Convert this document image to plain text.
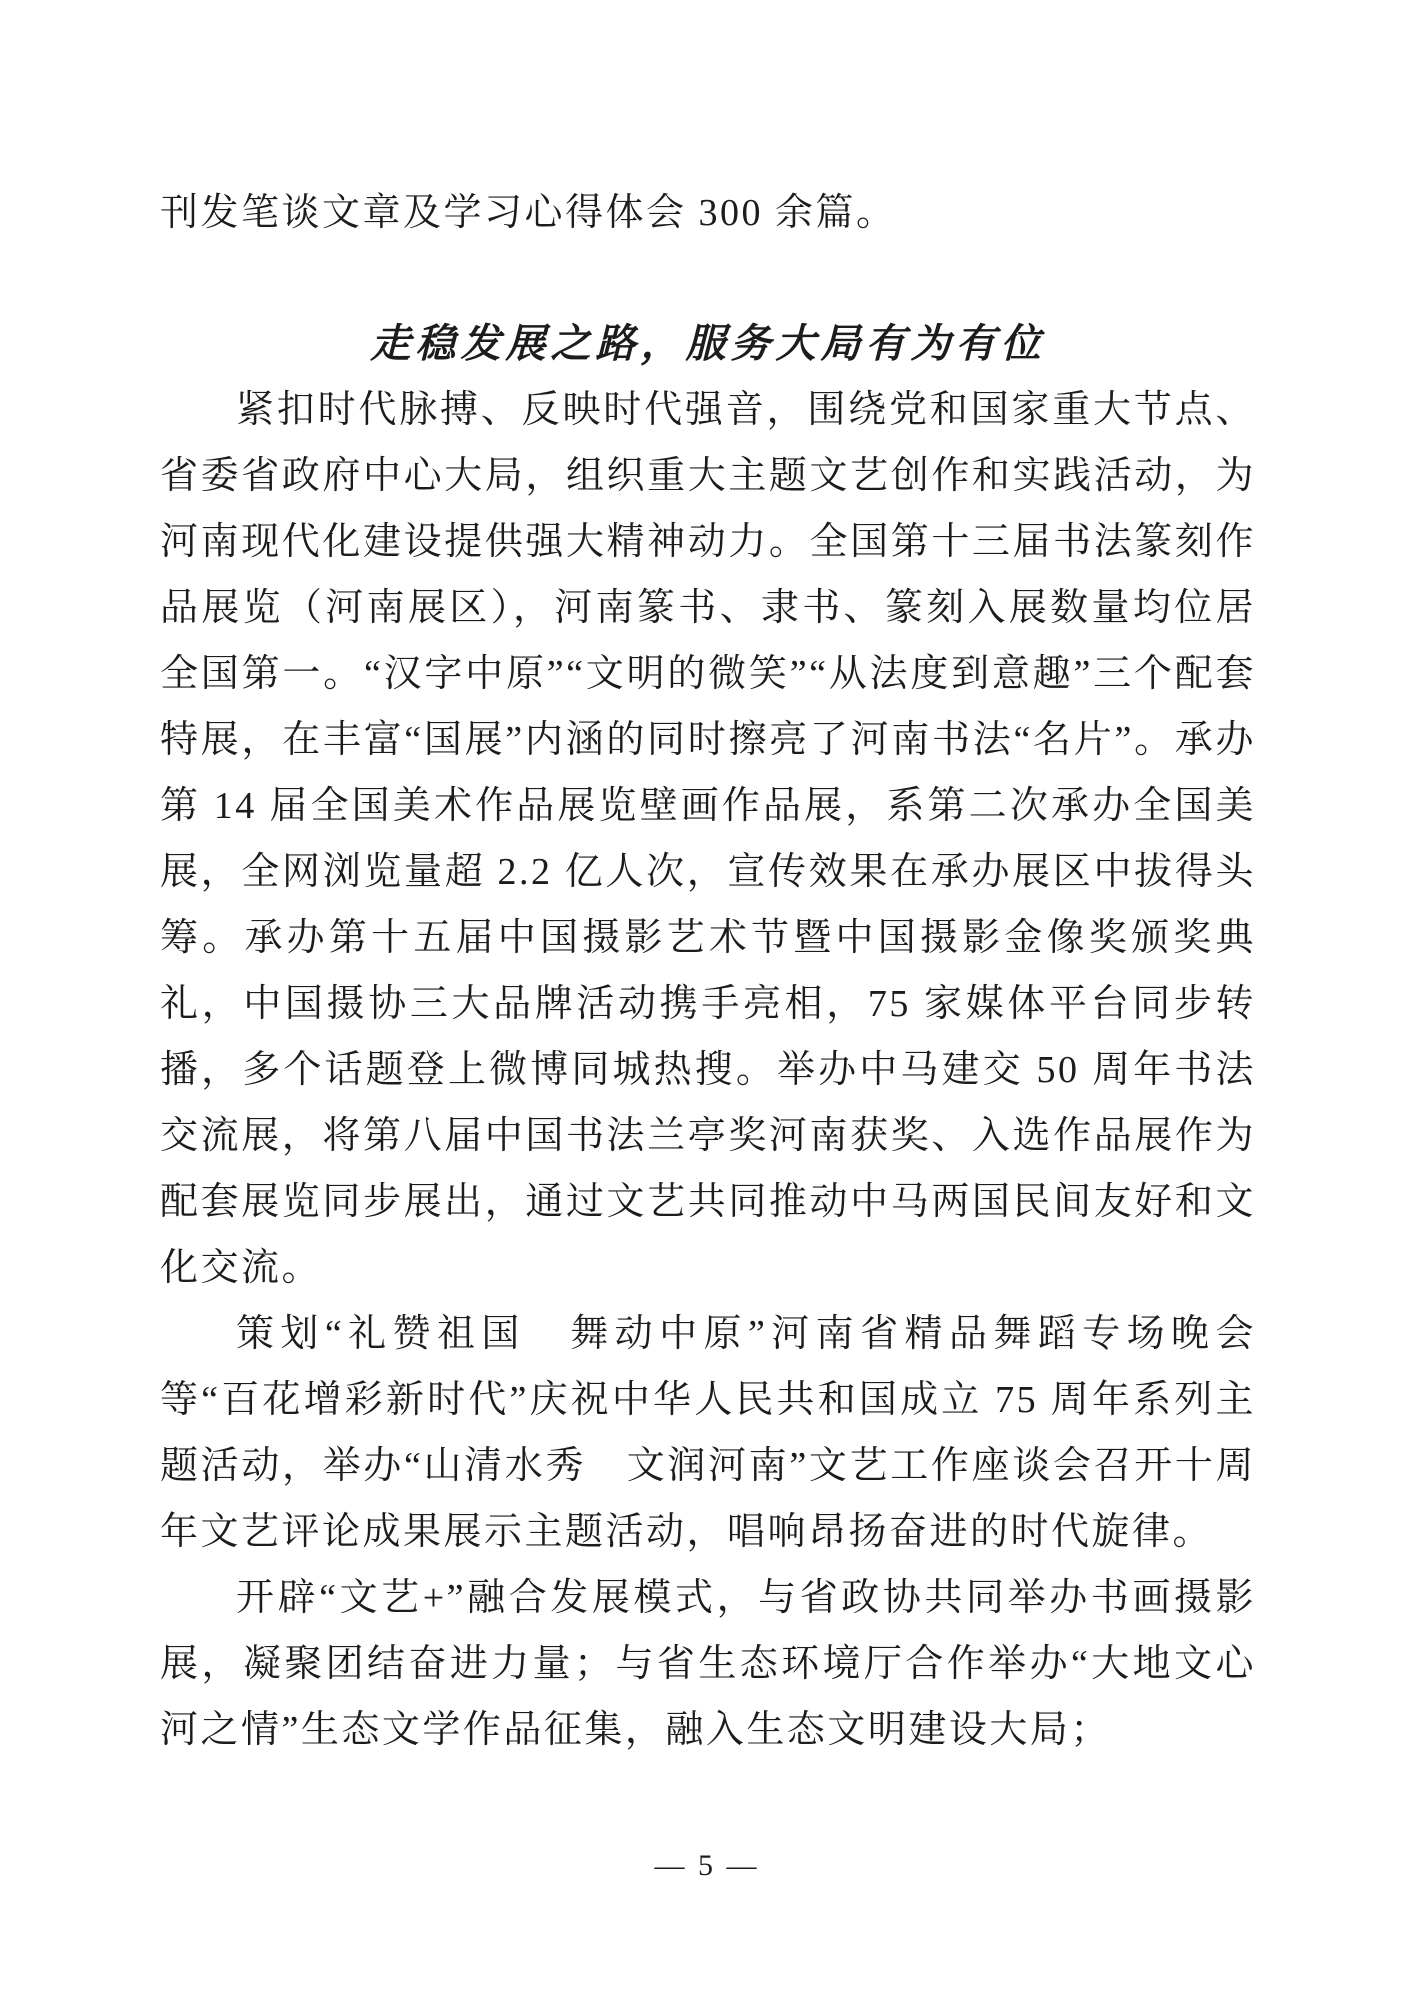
刊发笔谈文章及学习心得体会 300 余篇。

走稳发展之路，服务大局有为有位

紧扣时代脉搏、反映时代强音，围绕党和国家重大节点、省委省政府中心大局，组织重大主题文艺创作和实践活动，为河南现代化建设提供强大精神动力。全国第十三届书法篆刻作品展览（河南展区），河南篆书、隶书、篆刻入展数量均位居全国第一。“汉字中原”“文明的微笑”“从法度到意趣”三个配套特展，在丰富“国展”内涵的同时擦亮了河南书法“名片”。承办第 14 届全国美术作品展览壁画作品展，系第二次承办全国美展，全网浏览量超 2.2 亿人次，宣传效果在承办展区中拔得头筹。承办第十五届中国摄影艺术节暨中国摄影金像奖颁奖典礼，中国摄协三大品牌活动携手亮相，75 家媒体平台同步转播，多个话题登上微博同城热搜。举办中马建交 50 周年书法交流展，将第八届中国书法兰亭奖河南获奖、入选作品展作为配套展览同步展出，通过文艺共同推动中马两国民间友好和文化交流。

策划“礼赞祖国　舞动中原”河南省精品舞蹈专场晚会等“百花增彩新时代”庆祝中华人民共和国成立 75 周年系列主题活动，举办“山清水秀　文润河南”文艺工作座谈会召开十周年文艺评论成果展示主题活动，唱响昂扬奋进的时代旋律。

开辟“文艺+”融合发展模式，与省政协共同举办书画摄影展，凝聚团结奋进力量；与省生态环境厅合作举办“大地文心　河之情”生态文学作品征集，融入生态文明建设大局；

— 5 —
